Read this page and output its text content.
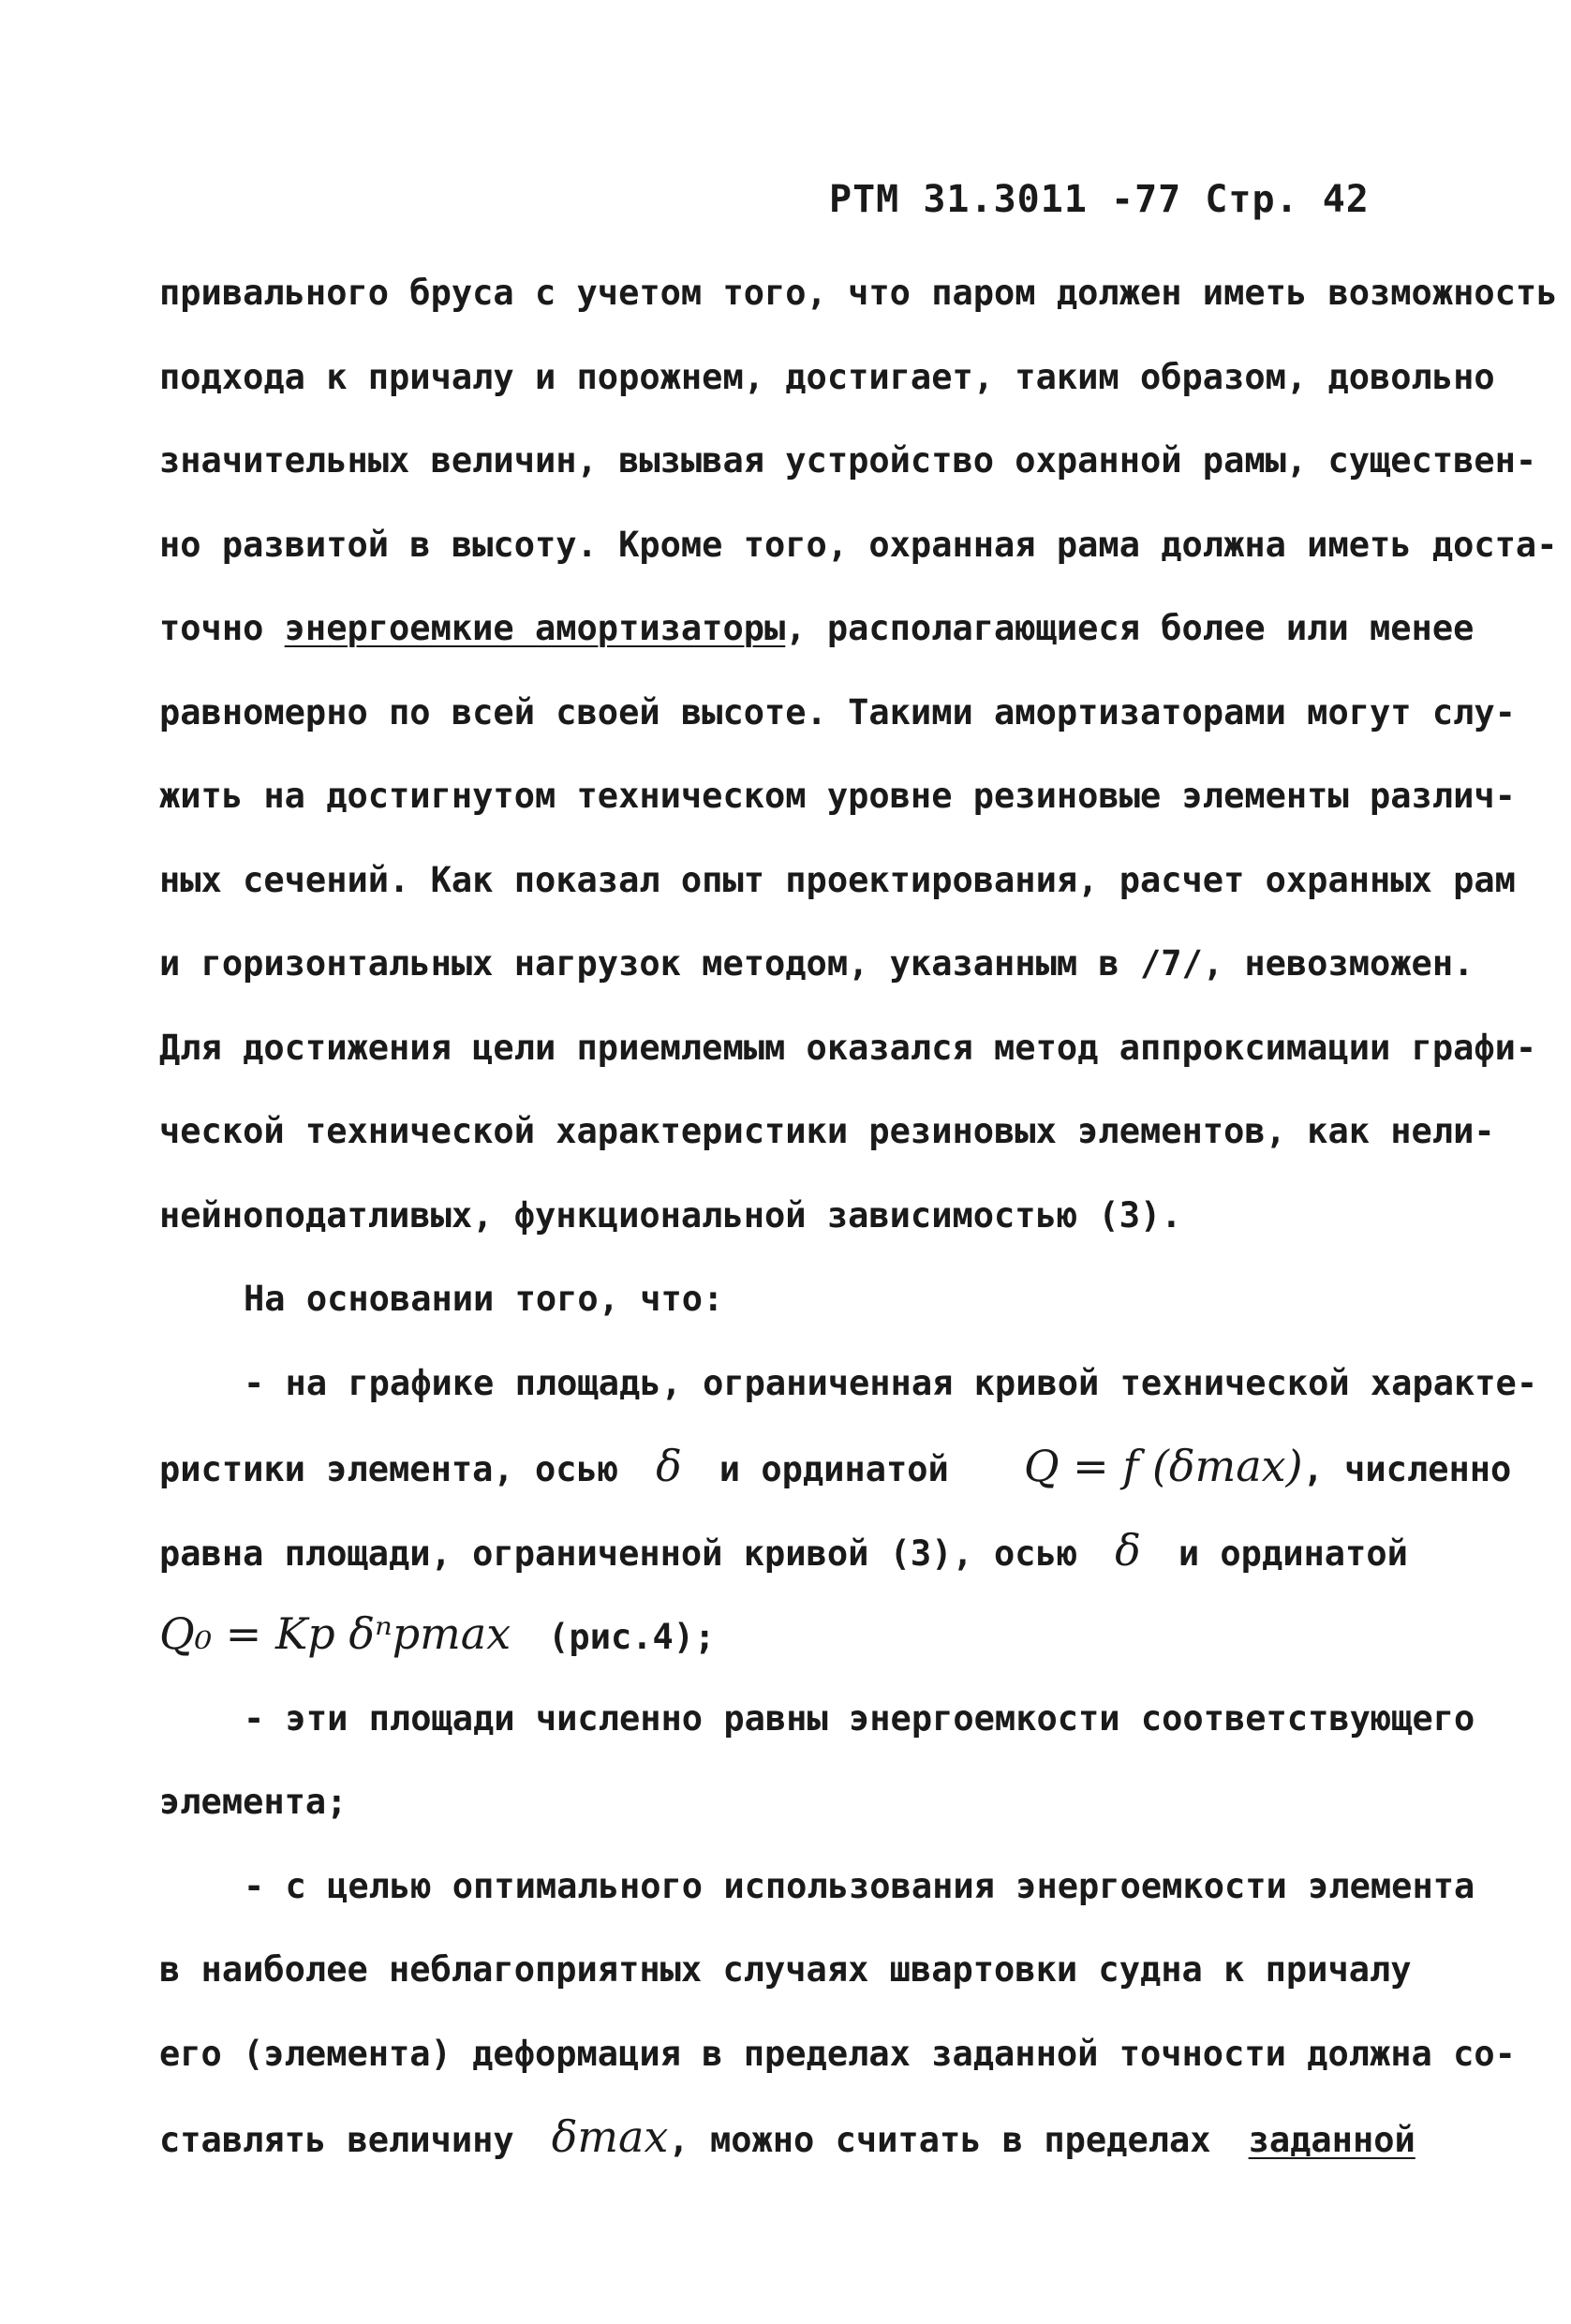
РТМ 31.3011 -77 Стр. 42
привального бруса с учетом того, что паром должен иметь возможность
подхода к причалу и порожнем, достигает, таким образом, довольно
значительных величин, вызывая устройство охранной рамы, существен-
но развитой в высоту. Кроме того, охранная рама должна иметь доста-
точно энергоемкие амортизаторы, располагающиеся более или менее
равномерно по всей своей высоте. Такими амортизаторами могут слу-
жить на достигнутом техническом уровне резиновые элементы различ-
ных сечений. Как показал опыт проектирования, расчет охранных рам
и горизонтальных нагрузок методом, указанным в /7/, невозможен.
Для достижения цели приемлемым оказался метод аппроксимации графи-
ческой технической характеристики резиновых элементов, как нели-
нейноподатливых, функциональной зависимостью (3).
На основании того, что:
- на графике площадь, ограниченная кривой технической характе-
ристики элемента, осью δ и ординатой Q = f (δmax), численно
равна площади, ограниченной кривой (3), осью δ и ординатой
Q₀ = Kp δⁿpmax (рис.4);
- эти площади численно равны энергоемкости соответствующего
элемента;
- с целью оптимального использования энергоемкости элемента
в наиболее неблагоприятных случаях швартовки судна к причалу
его (элемента) деформация в пределах заданной точности должна со-
ставлять величину δmax, можно считать в пределах заданной
